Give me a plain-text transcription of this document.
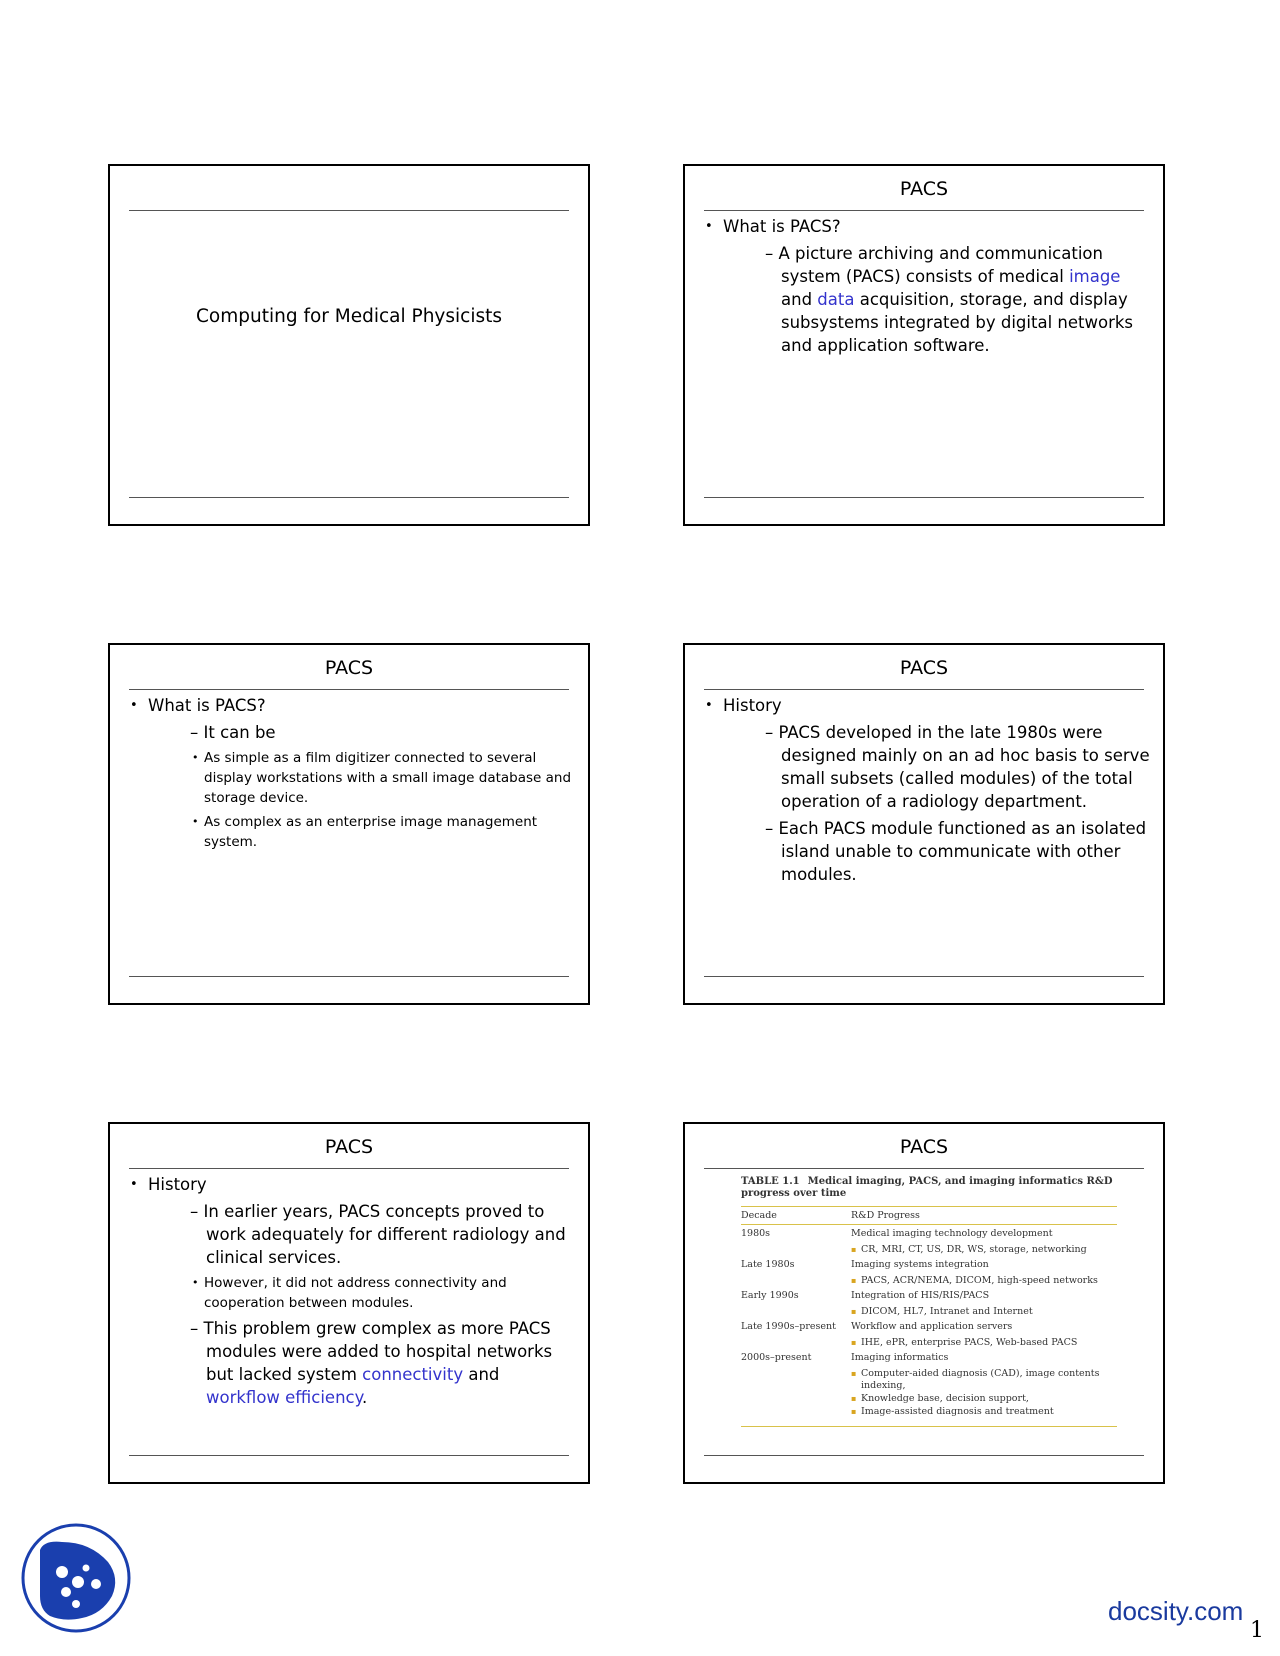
Computing for Medical Physicists
PACS
• What is PACS?
– A picture archiving and communication system (PACS) consists of medical image and data acquisition, storage, and display subsystems integrated by digital networks and application software.
PACS
• What is PACS?
– It can be
• As simple as a film digitizer connected to several display workstations with a small image database and storage device.
• As complex as an enterprise image management system.
PACS
• History
– PACS developed in the late 1980s were designed mainly on an ad hoc basis to serve small subsets (called modules) of the total operation of a radiology department.
– Each PACS module functioned as an isolated island unable to communicate with other modules.
PACS
• History
– In earlier years, PACS concepts proved to work adequately for different radiology and clinical services.
• However, it did not address connectivity and cooperation between modules.
– This problem grew complex as more PACS modules were added to hospital networks but lacked system connectivity and workflow efficiency.
PACS
TABLE 1.1 Medical imaging, PACS, and imaging informatics R&D progress over time
Decade	R&D Progress
1980s	Medical imaging technology development
▪ CR, MRI, CT, US, DR, WS, storage, networking
Late 1980s	Imaging systems integration
▪ PACS, ACR/NEMA, DICOM, high-speed networks
Early 1990s	Integration of HIS/RIS/PACS
▪ DICOM, HL7, Intranet and Internet
Late 1990s–present	Workflow and application servers
▪ IHE, ePR, enterprise PACS, Web-based PACS
2000s–present	Imaging informatics
▪ Computer-aided diagnosis (CAD), image contents indexing,
▪ Knowledge base, decision support,
▪ Image-assisted diagnosis and treatment
docsity.com
1
